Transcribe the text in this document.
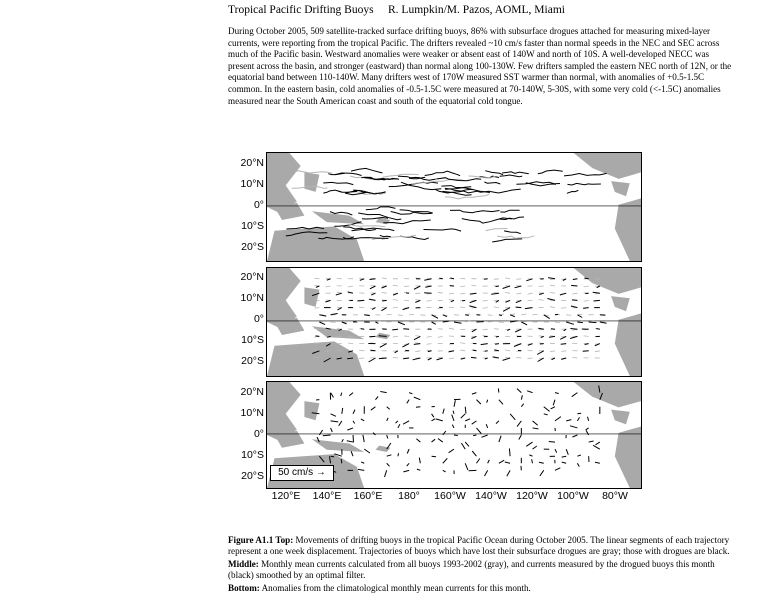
Tropical Pacific Drifting Buoys R. Lumpkin/M. Pazos, AOML, Miami
During October 2005, 509 satellite-tracked surface drifting buoys, 86% with subsurface drogues attached for measuring mixed-layer currents, were reporting from the tropical Pacific. The drifters revealed ~10 cm/s faster than normal speeds in the NEC and SEC across much of the Pacific basin. Westward anomalies were weaker or absent east of 140W and north of 10S. A well-developed NECC was present across the basin, and stronger (eastward) than normal along 100-130W. Few drifters sampled the eastern NEC north of 12N, or the equatorial band between 110-140W. Many drifters west of 170W measured SST warmer than normal, with anomalies of +0.5-1.5C common. In the eastern basin, cold anomalies of -0.5-1.5C were measured at 70-140W, 5-30S, with some very cold (<-1.5C) anomalies measured near the South American coast and south of the equatorial cold tongue.
20°N
10°N
0°
10°S
20°S
20°N
10°N
0°
10°S
20°S
20°N
10°N
0°
10°S
20°S
120°E	140°E	160°E	180°	160°W 140°W 120°W 100°W	80°W
50 cm/s →

Figure A1.1 Top: Movements of drifting buoys in the tropical Pacific Ocean during October 2005. The linear segments of each trajectory represent a one week displacement. Trajectories of buoys which have lost their subsurface drogues are gray; those with drogues are black.

Middle: Monthly mean currents calculated from all buoys 1993-2002 (gray), and currents measured by the drogued buoys this month (black) smoothed by an optimal filter.

Bottom: Anomalies from the climatological monthly mean currents for this month.
